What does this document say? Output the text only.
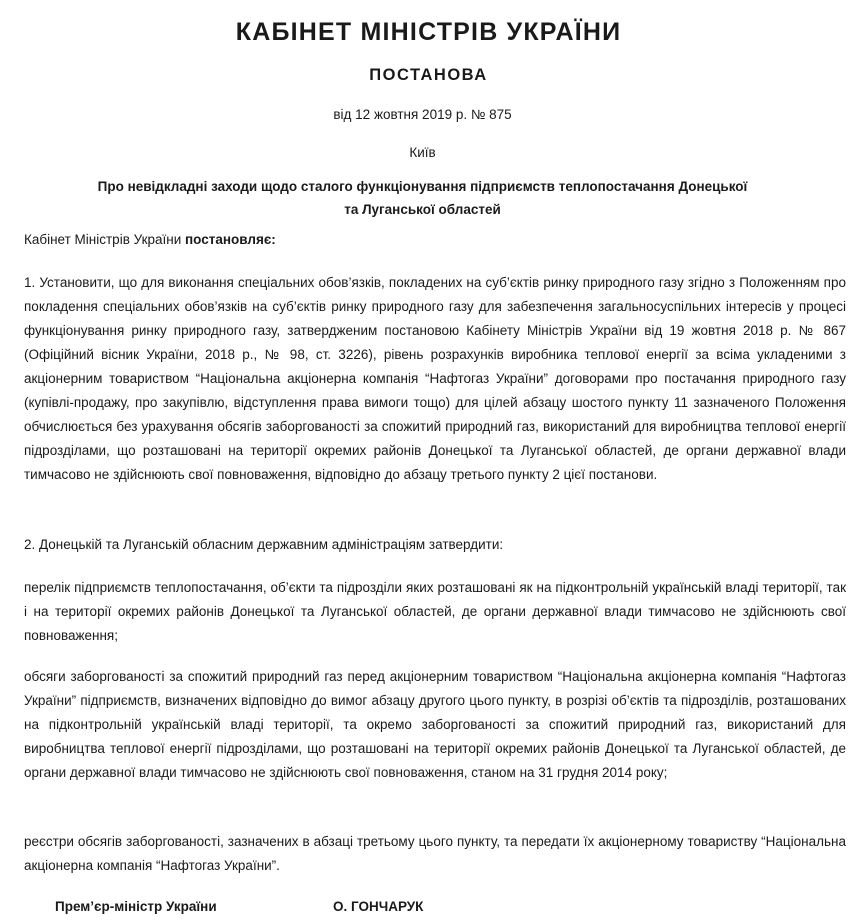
КАБІНЕТ МІНІСТРІВ УКРАЇНИ
ПОСТАНОВА
від 12 жовтня 2019 р. № 875
Київ
Про невідкладні заходи щодо сталого функціонування підприємств теплопостачання Донецької
та Луганської областей

Кабінет Міністрів України постановляє:

1. Установити, що для виконання спеціальних обов’язків, покладених на суб’єктів ринку природного газу згідно з Положенням про покладення спеціальних обов’язків на суб’єктів ринку природного газу для забезпечення загальносуспільних інтересів у процесі функціонування ринку природного газу, затвердженим постановою Кабінету Міністрів України від 19 жовтня 2018 р. № 867 (Офіційний вісник України, 2018 р., № 98, ст. 3226), рівень розрахунків виробника теплової енергії за всіма укладеними з акціонерним товариством “Національна акціонерна компанія “Нафтогаз України” договорами про постачання природного газу (купівлі-продажу, про закупівлю, відступлення права вимоги тощо) для цілей абзацу шостого пункту 11 зазначеного Положення обчислюється без урахування обсягів заборгованості за спожитий природний газ, використаний для виробництва теплової енергії підрозділами, що розташовані на території окремих районів Донецької та Луганської областей, де органи державної влади тимчасово не здійснюють свої повноваження, відповідно до абзацу третього пункту 2 цієї постанови.

2. Донецькій та Луганській обласним державним адміністраціям затвердити:

перелік підприємств теплопостачання, об’єкти та підрозділи яких розташовані як на підконтрольній українській владі території, так і на території окремих районів Донецької та Луганської областей, де органи державної влади тимчасово не здійснюють свої повноваження;

обсяги заборгованості за спожитий природний газ перед акціонерним товариством “Національна акціонерна компанія “Нафтогаз України” підприємств, визначених відповідно до вимог абзацу другого цього пункту, в розрізі об’єктів та підрозділів, розташованих на підконтрольній українській владі території, та окремо заборгованості за спожитий природний газ, використаний для виробництва теплової енергії підрозділами, що розташовані на території окремих районів Донецької та Луганської областей, де органи державної влади тимчасово не здійснюють свої повноваження, станом на 31 грудня 2014 року;

реєстри обсягів заборгованості, зазначених в абзаці третьому цього пункту, та передати їх акціонерному товариству “Національна акціонерна компанія “Нафтогаз України”.

Прем’єр-міністр України	О. ГОНЧАРУК
